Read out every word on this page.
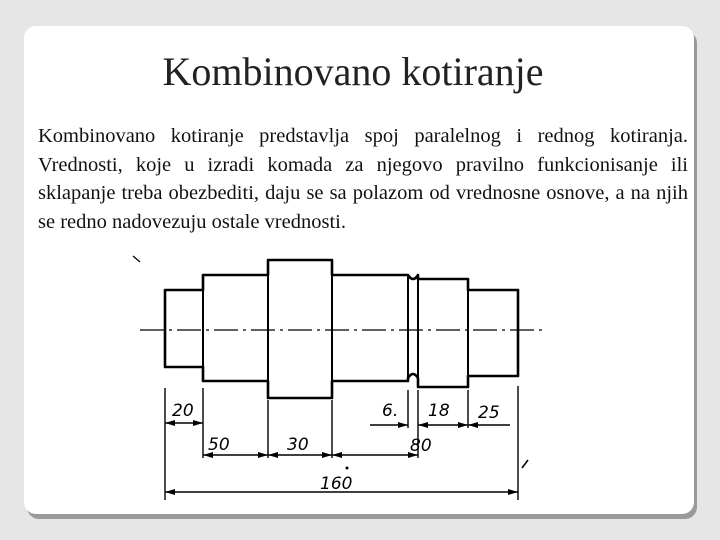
Kombinovano kotiranje
Kombinovano kotiranje predstavlja spoj paralelnog i rednog kotiranja. Vrednosti, koje u izradi komada za njegovo pravilno funkcionisanje ili sklapanje treba obezbediti, daju se sa polazom od vrednosne osnove, a na njih se redno nadovezuju ostale vrednosti.
20
50	30
6. 18 25
80
160
